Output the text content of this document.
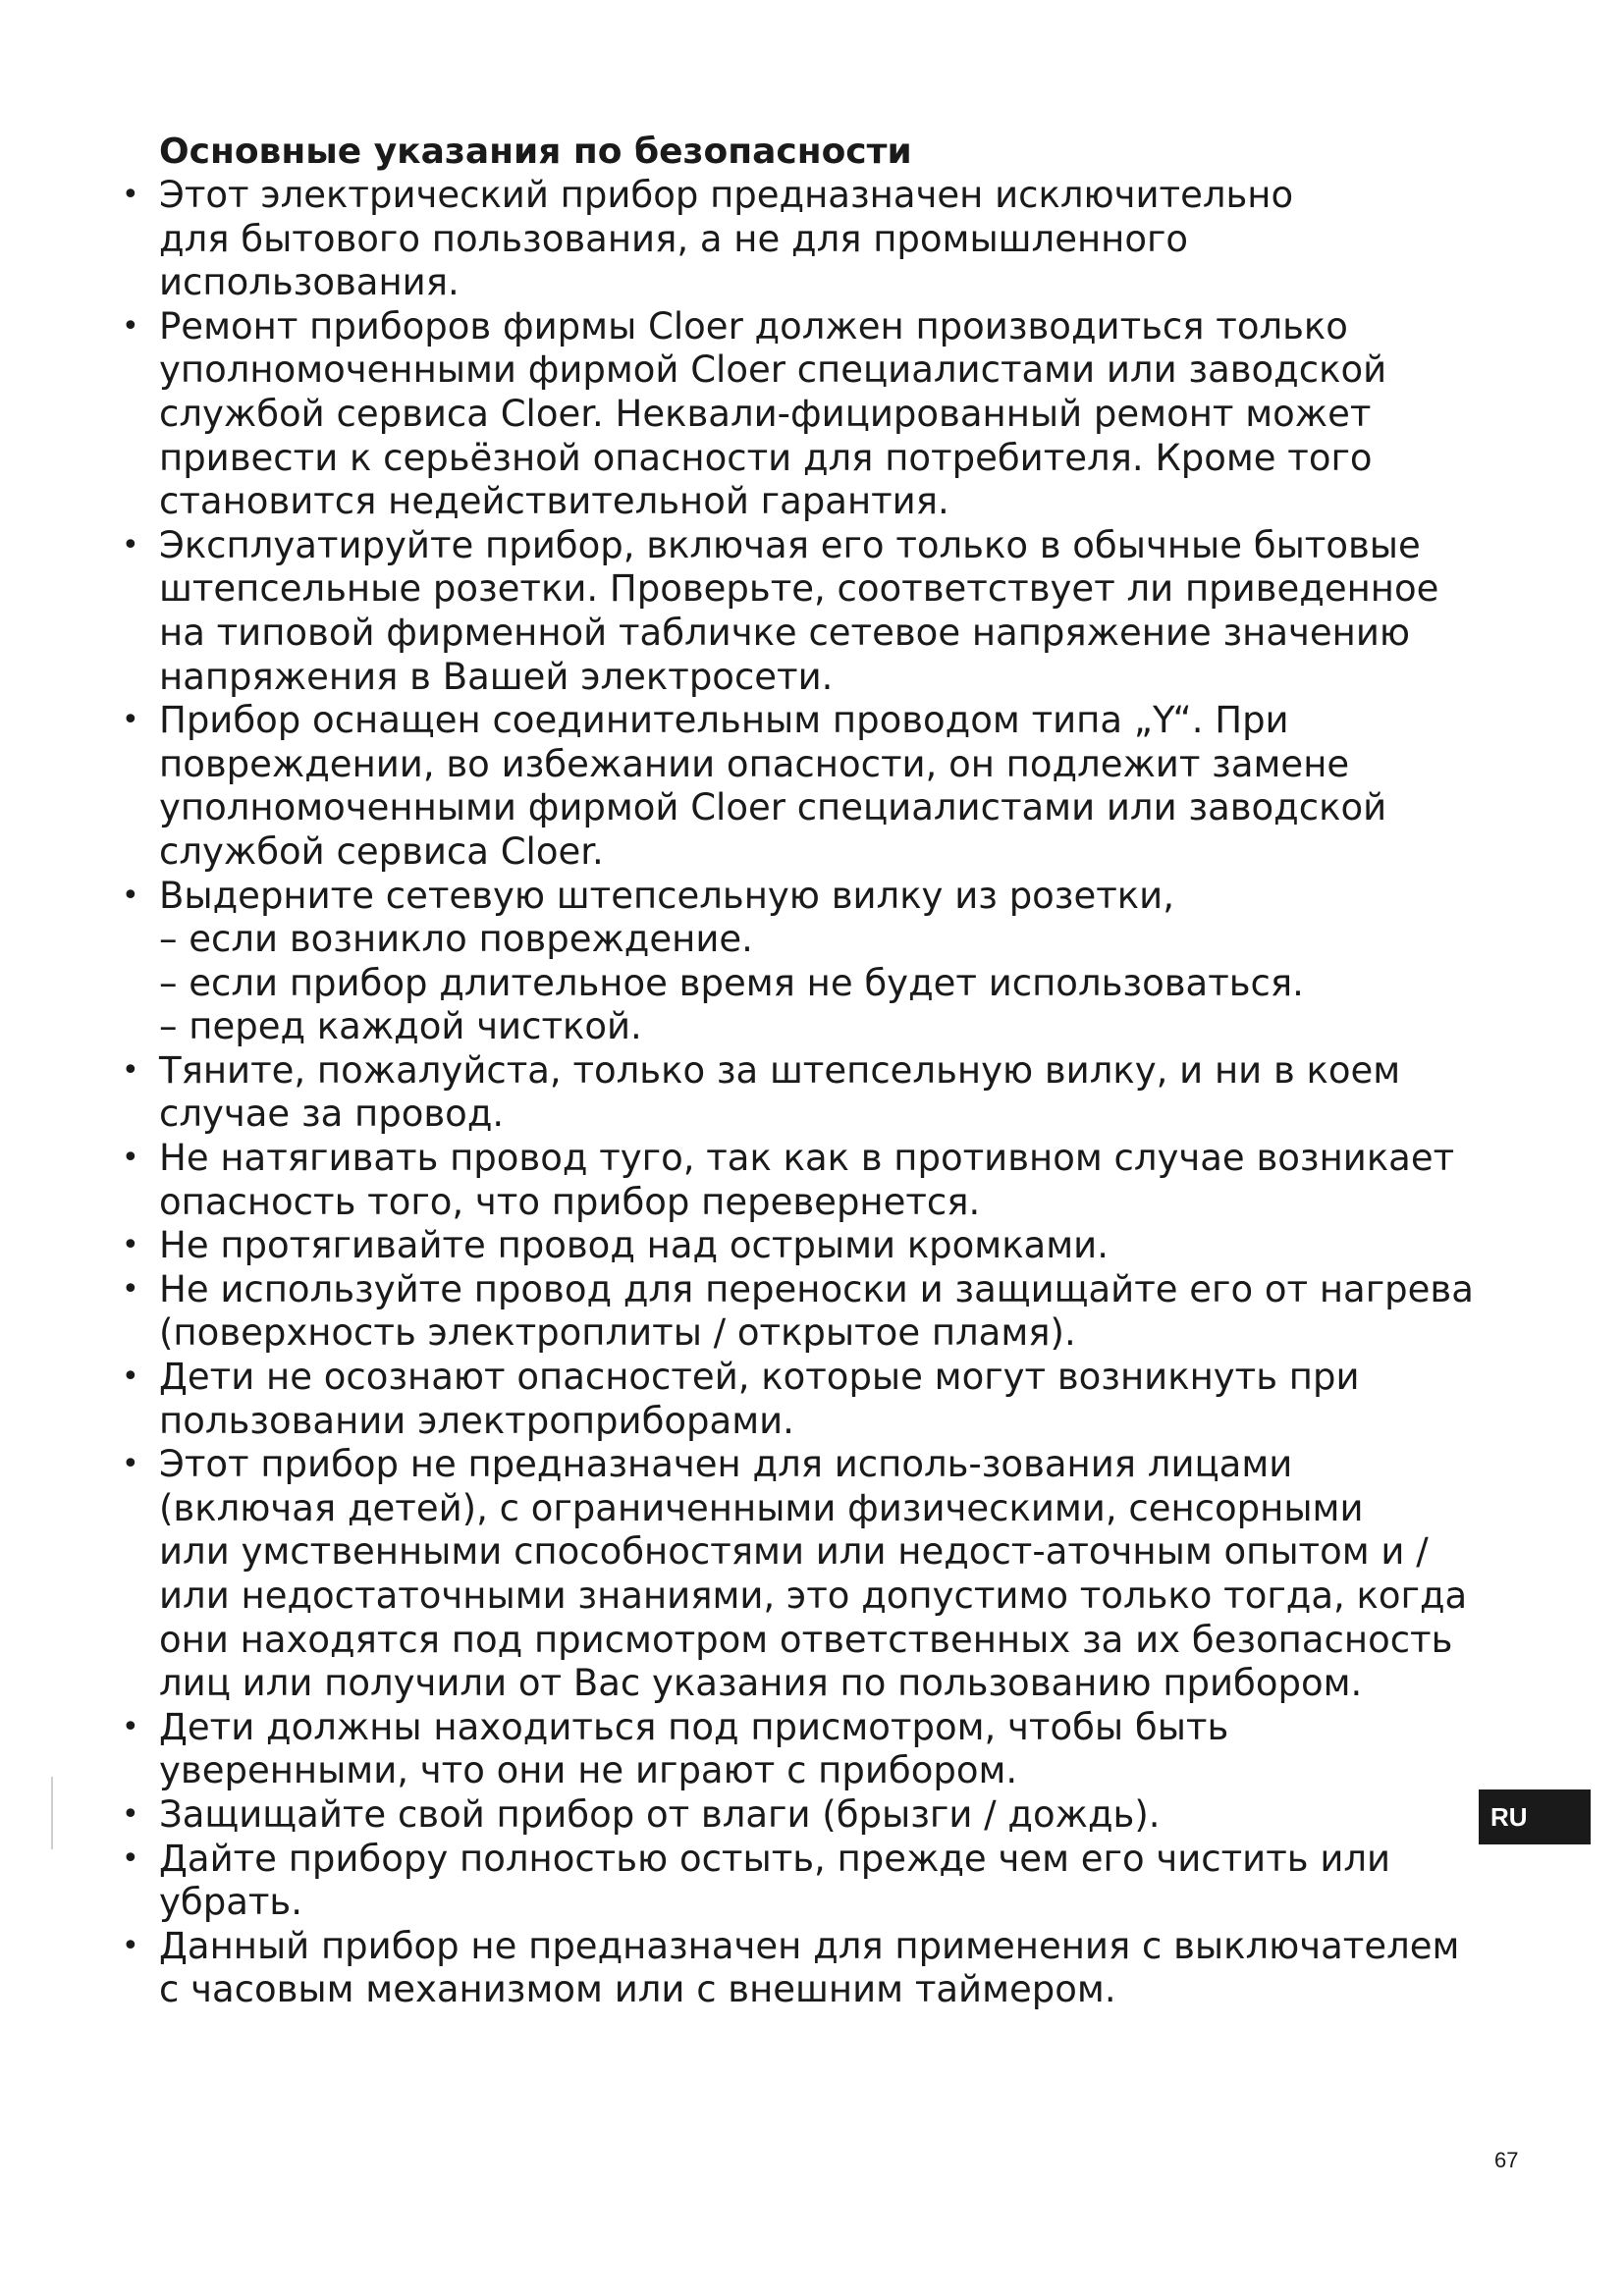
Основные указания по безопасности
• Этот электрический прибор предназначен исключительно
для бытового пользования, а не для промышленного
использования.
• Ремонт приборов фирмы Cloer должен производиться только
уполномоченными фирмой Cloer специалистами или заводской
службой сервиса Cloer. Неквали-фицированный ремонт может
привести к серьёзной опасности для потребителя. Кроме того
становится недействительной гарантия.
• Эксплуатируйте прибор, включая его только в обычные бытовые
штепсельные розетки. Проверьте, соответствует ли приведенное
на типовой фирменной табличке сетевое напряжение значению
напряжения в Вашей электросети.
• Прибор оснащен соединительным проводом типа „Y“. При
повреждении, во избежании опасности, он подлежит замене
уполномоченными фирмой Cloer специалистами или заводской
службой сервиса Cloer.
• Выдерните сетевую штепсельную вилку из розетки,
– если возникло повреждение.
– если прибор длительное время не будет использоваться.
– перед каждой чисткой.
• Тяните, пожалуйста, только за штепсельную вилку, и ни в коем
случае за провод.
• Не натягивать провод туго, так как в противном случае возникает
опасность того, что прибор перевернется.
• Не протягивайте провод над острыми кромками.
• Не используйте провод для переноски и защищайте его от нагрева
(поверхность электроплиты / открытое пламя).
• Дети не осознают опасностей, которые могут возникнуть при
пользовании электроприборами.
• Этот прибор не предназначен для исполь-зования лицами
(включая детей), с ограниченными физическими, сенсорными
или умственными способностями или недост-аточным опытом и /
или недостаточными знаниями, это допустимо только тогда, когда
они находятся под присмотром ответственных за их безопасность
лиц или получили от Вас указания по пользованию прибором.
• Дети должны находиться под присмотром, чтобы быть
уверенными, что они не играют с прибором.
• Защищайте свой прибор от влаги (брызги / дождь).
• Дайте прибору полностью остыть, прежде чем его чистить или
убрать.
• Данный прибор не предназначен для применения с выключателем
с часовым механизмом или с внешним таймером.
RU
67
